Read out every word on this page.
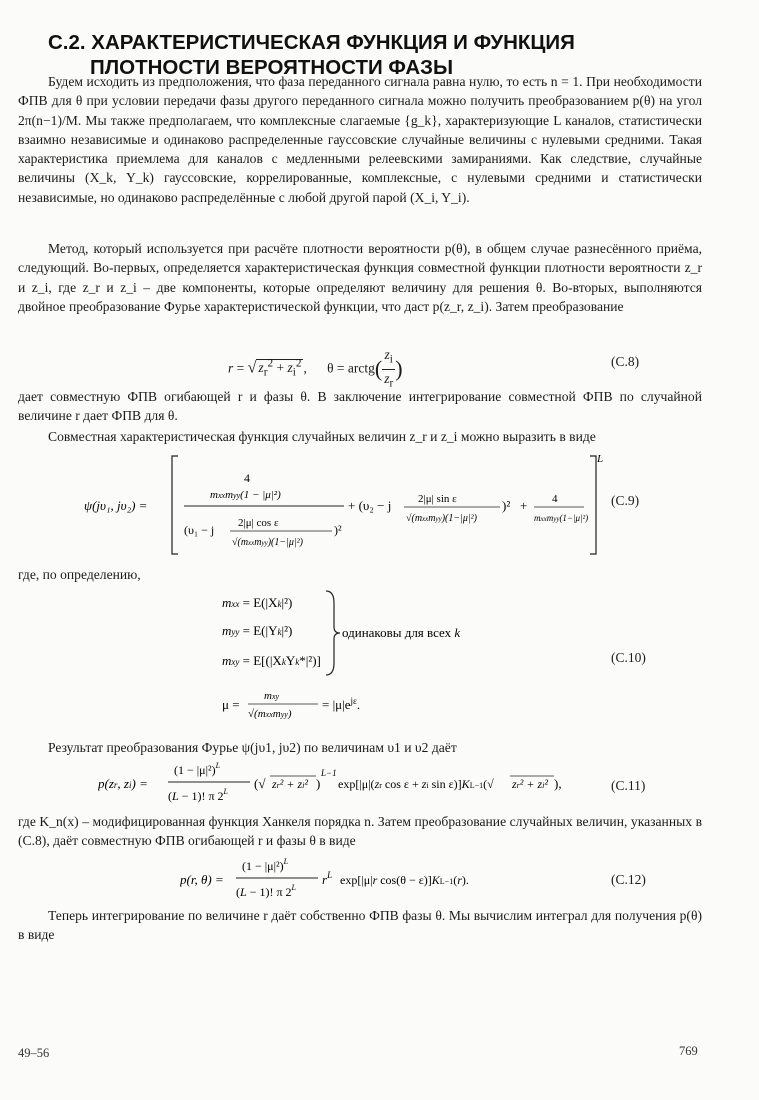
С.2. ХАРАКТЕРИСТИЧЕСКАЯ ФУНКЦИЯ И ФУНКЦИЯ
ПЛОТНОСТИ ВЕРОЯТНОСТИ ФАЗЫ

Будем исходить из предположения, что фаза переданного сигнала равна нулю, то есть n = 1. При необходимости ФПВ для θ при условии передачи фазы другого переданного сигнала можно получить преобразованием p(θ) на угол 2π(n−1)/M. Мы также предполагаем, что комплексные слагаемые {g_k}, характеризующие L каналов, статистически взаимно независимые и одинаково распределенные гауссовские случайные величины с нулевыми средними. Такая характеристика приемлема для каналов с медленными релеевскими замираниями. Как следствие, случайные величины (X_k, Y_k) гауссовские, коррелированные, комплексные, с нулевыми средними и статистически независимые, но одинаково распределённые с любой другой парой (X_i, Y_i).

Метод, который используется при расчёте плотности вероятности p(θ), в общем случае разнесённого приёма, следующий. Во-первых, определяется характеристическая функция совместной функции плотности вероятности z_r и z_i, где z_r и z_i – две компоненты, которые определяют величину для решения θ. Во-вторых, выполняются двойное преобразование Фурье характеристической функции, что даст p(z_r, z_i). Затем преобразование

r = √ $z_r^2 + z_i^2$ ,      θ = arctg( $\frac{z_i}{z_r}$ )	(С.8)

дает совместную ФПВ огибающей r и фазы θ. В заключение интегрирование совместной ФПВ по случайной величине r дает ФПВ для θ.

Совместная характеристическая функция случайных величин z_r и z_i можно выразить в виде

ψ(jυ₁, jυ₂) =
4
mxxmyy(1 − |μ|²)
(υ₁ − j 2|μ| cos ε
√(mxxmyy)(1−|μ|²)
)²
+ (υ₂ − j 2|μ| sin ε
√(mxxmyy)(1−|μ|²)
)² + 4
mxxmyy(1−|μ|²)
L
(С.9)

где, по определению,

mxx = E(|Xk|²)
myy = E(|Yk|²)
mxy = E[(|XkYk*|²)]
одинаковы для всех k
μ =
mxy
√(mxxmyy)
= $|\mu|e^{j\varepsilon}$.
(С.10)

Результат преобразования Фурье ψ(jυ1, jυ2) по величинам υ1 и υ2 даёт

p(zr, zi) =
$(1 - |\mu|^2)^L$
(L − 1)! π $2^L$
(√ zr² + zi² )
L−1
exp[|μ|(zr cos ε + zi sin ε)]KL−1(√ zr² + zi² ),	(С.11)

где K_n(x) – модифицированная функция Ханкеля порядка n. Затем преобразование случайных величин, указанных в (С.8), даёт совместную ФПВ огибающей r и фазы θ в виде

p(r, θ) =
$(1 - |\mu|^2)^L$
(L − 1)! π $2^L$
$r^L$ exp[|μ|r cos(θ − ε)]KL−1(r).	(С.12)

Теперь интегрирование по величине r даёт собственно ФПВ фазы θ. Мы вычислим интеграл для получения p(θ) в виде

49–56	769
